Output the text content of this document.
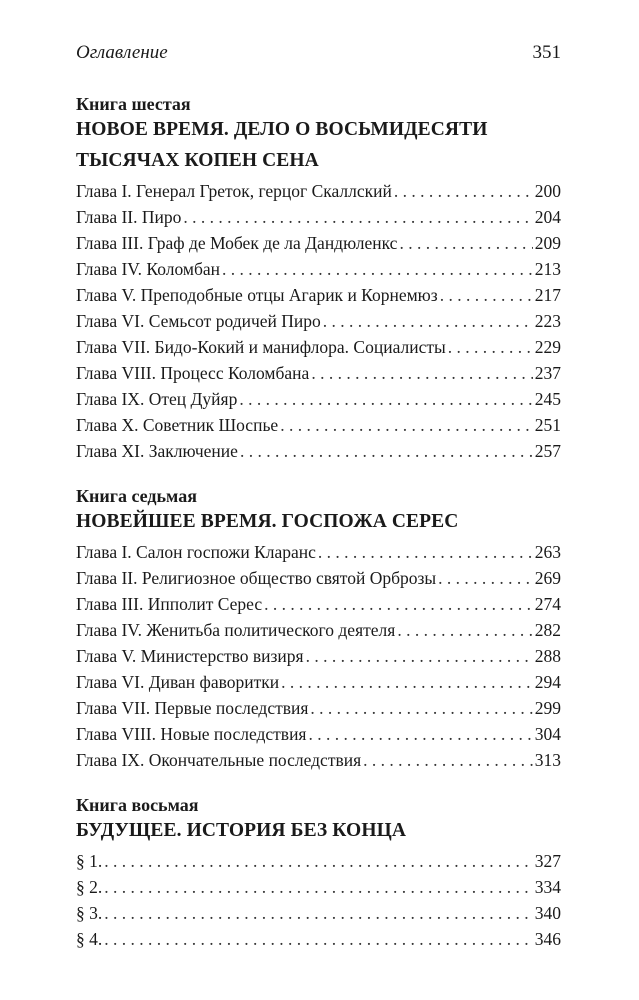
Оглавление	351
Книга шестая
НОВОЕ ВРЕМЯ. ДЕЛО О ВОСЬМИДЕСЯТИ
ТЫСЯЧАХ КОПЕН СЕНА
Глава I. Генерал Греток, герцог Скаллский . . .	200
Глава II. Пиро . . .	204
Глава III. Граф де Мобек де ла Дандюленкс . . .	209
Глава IV. Коломбан . . .	213
Глава V. Преподобные отцы Агарик и Корнемюз . . .	217
Глава VI. Семьсот родичей Пиро . . .	223
Глава VII. Бидо-Кокий и манифлора. Социалисты . . .	229
Глава VIII. Процесс Коломбана . . .	237
Глава IX. Отец Дуйяр . . .	245
Глава X. Советник Шоспье . . .	251
Глава XI. Заключение . . .	257
Книга седьмая
НОВЕЙШЕЕ ВРЕМЯ. ГОСПОЖА СЕРЕС
Глава I. Салон госпожи Кларанс . . .	263
Глава II. Религиозное общество святой Орброзы . . .	269
Глава III. Ипполит Серес . . .	274
Глава IV. Женитьба политического деятеля . . .	282
Глава V. Министерство визиря . . .	288
Глава VI. Диван фаворитки . . .	294
Глава VII. Первые последствия . . .	299
Глава VIII. Новые последствия . . .	304
Глава IX. Окончательные последствия . . .	313
Книга восьмая
БУДУЩЕЕ. ИСТОРИЯ БЕЗ КОНЦА
§ 1. . . .	327
§ 2. . . .	334
§ 3. . . .	340
§ 4. . . .	346
